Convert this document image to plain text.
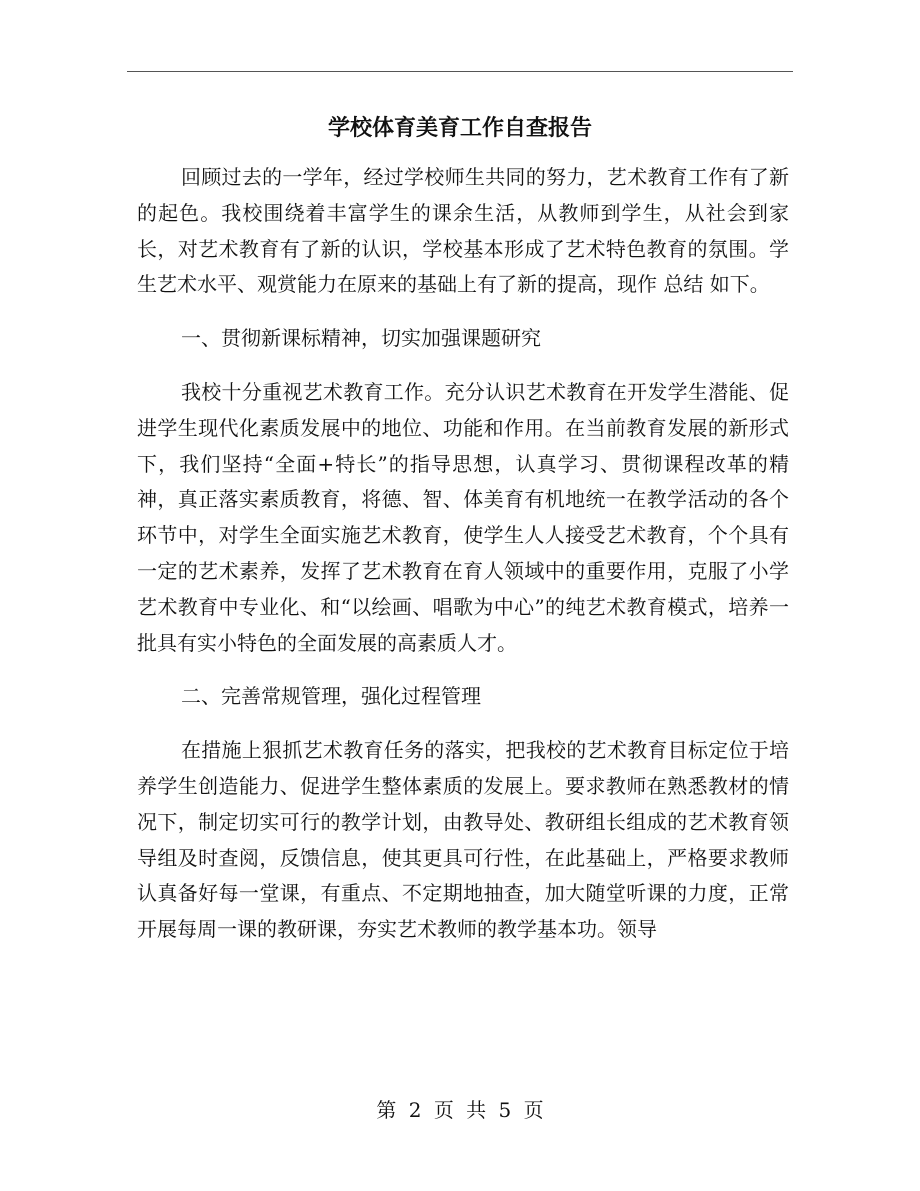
学校体育美育工作自查报告

回顾过去的一学年，经过学校师生共同的努力，艺术教育工作有了新的起色。我校围绕着丰富学生的课余生活，从教师到学生，从社会到家长，对艺术教育有了新的认识，学校基本形成了艺术特色教育的氛围。学生艺术水平、观赏能力在原来的基础上有了新的提高，现作 总结 如下。

一、贯彻新课标精神，切实加强课题研究

我校十分重视艺术教育工作。充分认识艺术教育在开发学生潜能、促进学生现代化素质发展中的地位、功能和作用。在当前教育发展的新形式下，我们坚持“全面+特长”的指导思想，认真学习、贯彻课程改革的精神，真正落实素质教育，将德、智、体美育有机地统一在教学活动的各个环节中，对学生全面实施艺术教育，使学生人人接受艺术教育，个个具有一定的艺术素养，发挥了艺术教育在育人领域中的重要作用，克服了小学艺术教育中专业化、和“以绘画、唱歌为中心”的纯艺术教育模式，培养一批具有实小特色的全面发展的高素质人才。

二、完善常规管理，强化过程管理

在措施上狠抓艺术教育任务的落实，把我校的艺术教育目标定位于培养学生创造能力、促进学生整体素质的发展上。要求教师在熟悉教材的情况下，制定切实可行的教学计划，由教导处、教研组长组成的艺术教育领导组及时查阅，反馈信息，使其更具可行性，在此基础上，严格要求教师认真备好每一堂课，有重点、不定期地抽查，加大随堂听课的力度，正常开展每周一课的教研课，夯实艺术教师的教学基本功。领导

第 2 页 共 5 页
